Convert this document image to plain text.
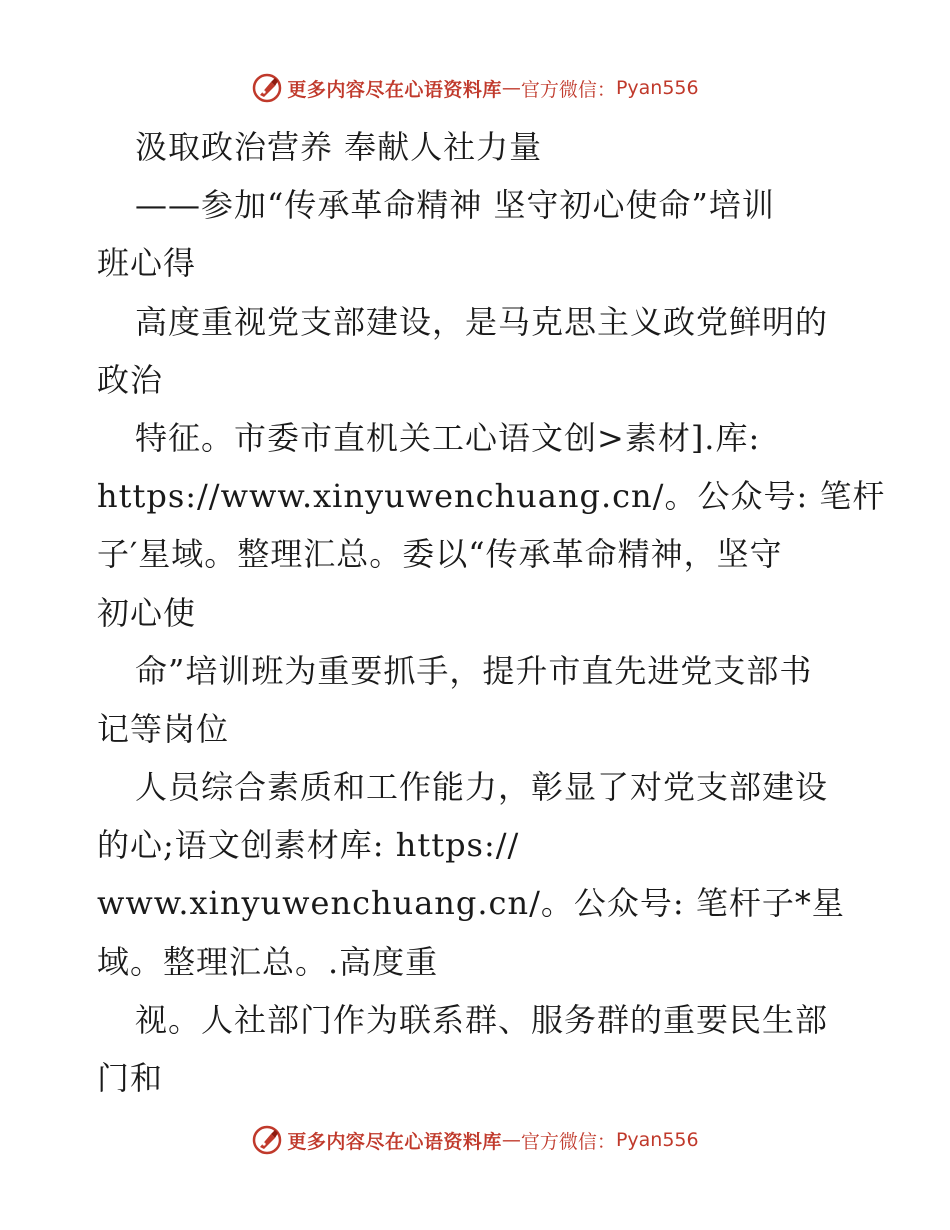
更多内容尽在心语资料库 — 官方微信： Pyan556
汲取政治营养 奉献人社力量
——参加“传承革命精神 坚守初心使命”培训
班心得
高度重视党支部建设，是马克思主义政党鲜明的
政治
特征。市委市直机关工心语文创>素材].库:
https://www.xinyuwenchuang.cn/。公众号: 笔杆
子′星域。整理汇总。委以“传承革命精神，坚守
初心使
命”培训班为重要抓手，提升市直先进党支部书
记等岗位
人员综合素质和工作能力，彰显了对党支部建设
的心;语文创素材库: https://
www.xinyuwenchuang.cn/。公众号: 笔杆子*星
域。整理汇总。.高度重
视。人社部门作为联系群、服务群的重要民生部
门和
更多内容尽在心语资料库 — 官方微信： Pyan556
